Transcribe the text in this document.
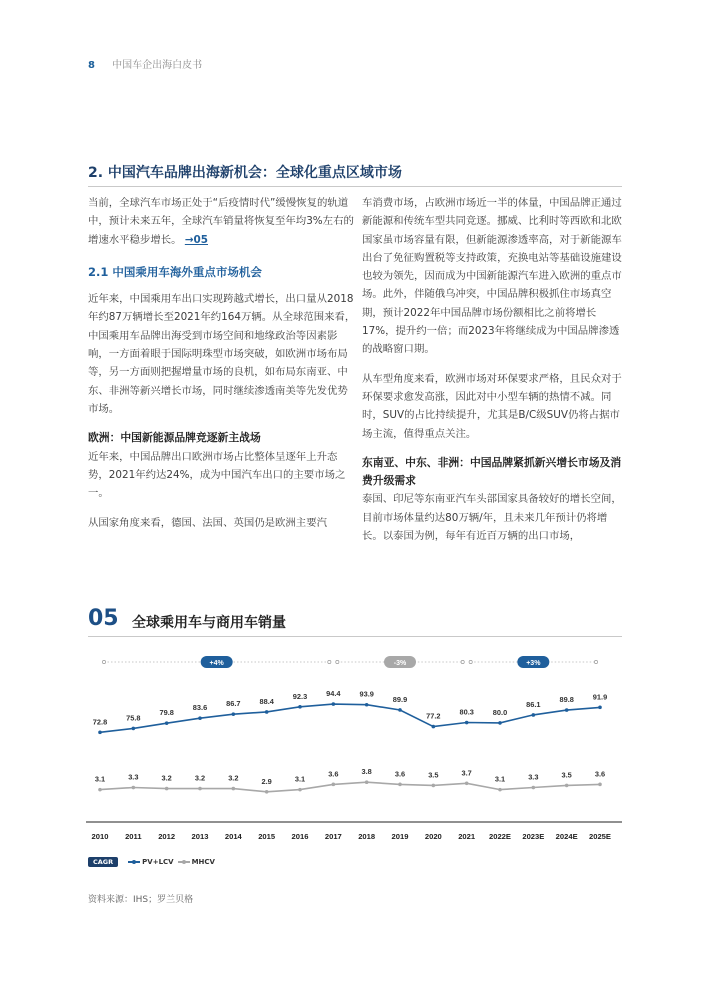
8 中国车企出海白皮书
2. 中国汽车品牌出海新机会：全球化重点区域市场

当前，全球汽车市场正处于“后疫情时代”缓慢恢复的轨道中，预计未来五年，全球汽车销量将恢复至年均3%左右的增速水平稳步增长。 →05

2.1 中国乘用车海外重点市场机会

近年来，中国乘用车出口实现跨越式增长，出口量从2018年约87万辆增长至2021年约164万辆。从全球范围来看，中国乘用车品牌出海受到市场空间和地缘政治等因素影响，一方面着眼于国际明珠型市场突破，如欧洲市场布局等，另一方面则把握增量市场的良机，如布局东南亚、中东、非洲等新兴增长市场，同时继续渗透南美等先发优势市场。

欧洲：中国新能源品牌竞逐新主战场

近年来，中国品牌出口欧洲市场占比整体呈逐年上升态势，2021年约达24%，成为中国汽车出口的主要市场之一。

从国家角度来看，德国、法国、英国仍是欧洲主要汽

车消费市场，占欧洲市场近一半的体量，中国品牌正通过新能源和传统车型共同竞逐。挪威、比利时等西欧和北欧国家虽市场容量有限，但新能源渗透率高，对于新能源车出台了免征购置税等支持政策，充换电站等基础设施建设也较为领先，因而成为中国新能源汽车进入欧洲的重点市场。此外，伴随俄乌冲突，中国品牌积极抓住市场真空期，预计2022年中国品牌市场份额相比之前将增长17%，提升约一倍；而2023年将继续成为中国品牌渗透的战略窗口期。

从车型角度来看，欧洲市场对环保要求严格，且民众对于环保要求愈发高涨，因此对中小型车辆的热情不减。同时，SUV的占比持续提升，尤其是B/C级SUV仍将占据市场主流，值得重点关注。

东南亚、中东、非洲：中国品牌紧抓新兴增长市场及消费升级需求

泰国、印尼等东南亚汽车头部国家具备较好的增长空间，目前市场体量约达80万辆/年，且未来几年预计仍将增长。以泰国为例，每年有近百万辆的出口市场，

05 全球乘用车与商用车销量
+4%	-3%	+3%
72.8	75.8
79.8
83.6	86.7	88.4
92.3	94.4	93.9
89.9
77.2	80.3	80.0
86.1
89.8	91.9
3.1	3.3	3.2	3.2	3.2	2.9	3.1
3.6	3.8	3.6	3.5	3.7
3.1	3.3	3.5	3.6
2010 2011 2012 2013 2014 2015 2016 2017 2018 2019 2020 2021 2022E 2023E 2024E 2025E
CAGR	PV+LCV	MHCV
资料来源：IHS；罗兰贝格
